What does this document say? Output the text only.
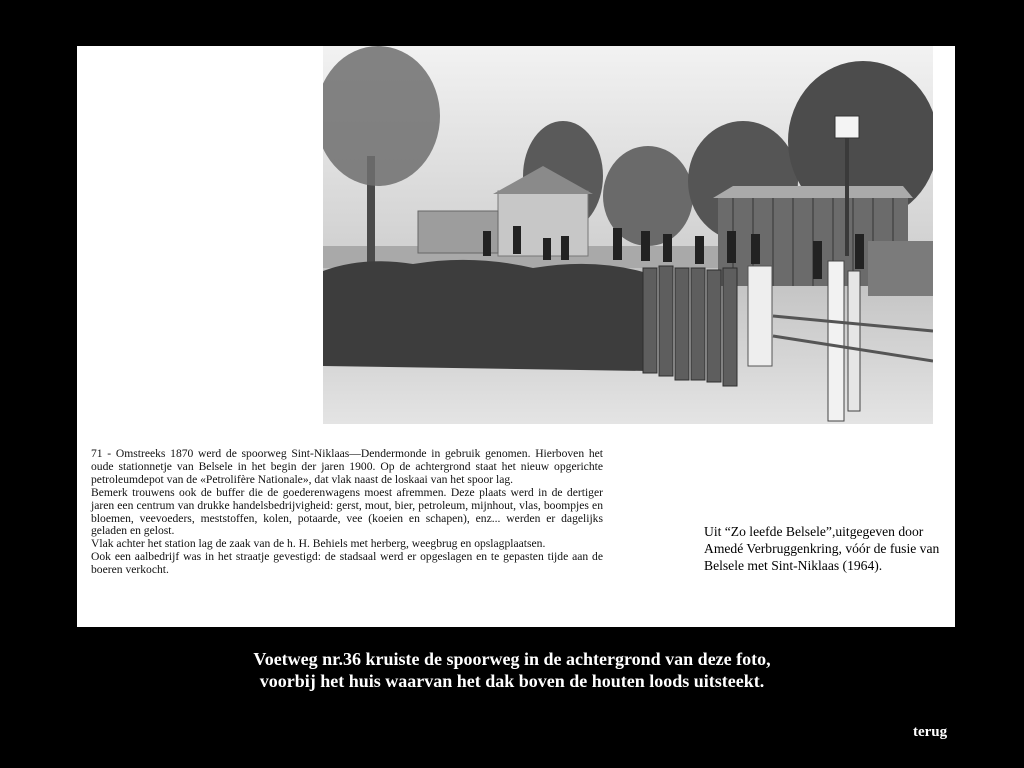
71 - Omstreeks 1870 werd de spoorweg Sint-Niklaas—Dendermonde in gebruik genomen. Hierboven het oude stationnetje van Belsele in het begin der jaren 1900. Op de achtergrond staat het nieuw opgerichte petroleumdepot van de «Petrolifère Nationale», dat vlak naast de loskaai van het spoor lag.

Bemerk trouwens ook de buffer die de goederenwagens moest afremmen. Deze plaats werd in de dertiger jaren een centrum van drukke handelsbedrijvigheid: gerst, mout, bier, petroleum, mijnhout, vlas, boompjes en bloemen, veevoeders, meststoffen, kolen, potaarde, vee (koeien en schapen), enz... werden er dagelijks geladen en gelost.

Vlak achter het station lag de zaak van de h. H. Behiels met herberg, weegbrug en opslagplaatsen.

Ook een aalbedrijf was in het straatje gevestigd: de stadsaal werd er opgeslagen en te gepasten tijde aan de boeren verkocht.

Uit “Zo leefde Belsele”,uitgegeven door Amedé Verbruggenkring, vóór de fusie van Belsele met Sint-Niklaas (1964).
Voetweg nr.36 kruiste de spoorweg in de achtergrond van deze foto,
voorbij het huis waarvan het dak boven de houten loods uitsteekt.
terug
